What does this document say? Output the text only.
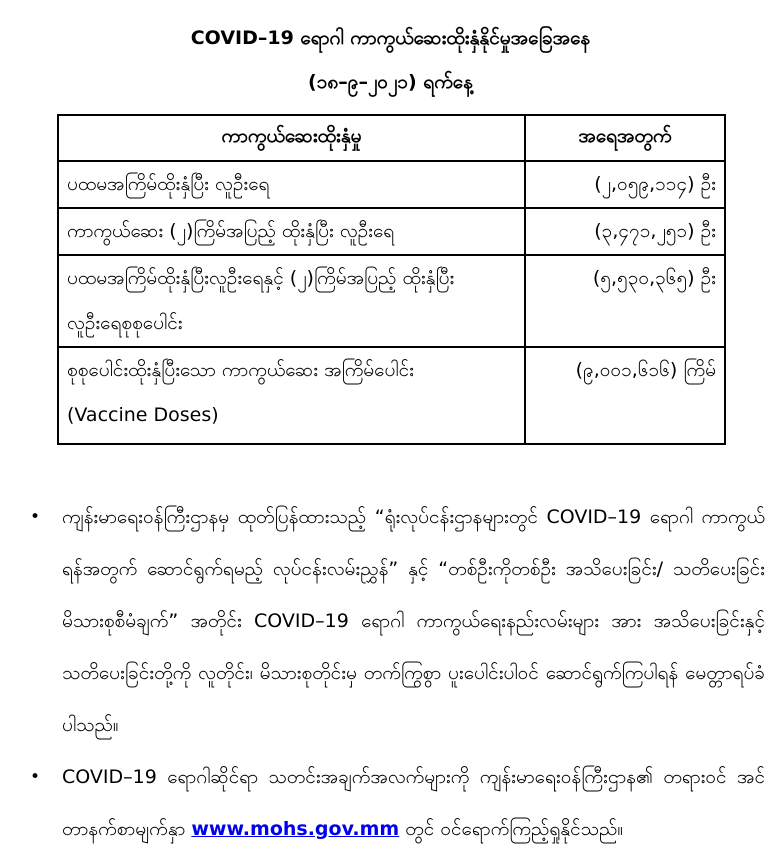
COVID–19 ရောဂါ ကာကွယ်ဆေးထိုးနှံနိုင်မှုအခြေအနေ
(၁၈–၉–၂၀၂၁) ရက်နေ့
ကာကွယ်ဆေးထိုးနှံမှု	အရေအတွက်

ပထမအကြိမ်ထိုးနှံပြီး လူဦးရေ	(၂,၀၅၉,၁၁၄) ဦး

ကာကွယ်ဆေး (၂)ကြိမ်အပြည့် ထိုးနှံပြီး လူဦးရေ	(၃,၄၇၁,၂၅၁) ဦး

ပထမအကြိမ်ထိုးနှံပြီးလူဦးရေနှင့် (၂)ကြိမ်အပြည့် ထိုးနှံပြီး
လူဦးရေစုစုပေါင်း	(၅,၅၃၀,၃၆၅) ဦး

စုစုပေါင်းထိုးနှံပြီးသော ကာကွယ်ဆေး အကြိမ်ပေါင်း
(Vaccine Doses)	(၉,၀၀၁,၆၁၆) ကြိမ်
•	ကျန်းမာရေးဝန်ကြီးဌာနမှ ထုတ်ပြန်ထားသည့် “ရုံးလုပ်ငန်းဌာနများတွင် COVID–19 ရောဂါ ကာကွယ်ရန်အတွက် ဆောင်ရွက်ရမည့် လုပ်ငန်းလမ်းညွှန်” နှင့် “တစ်ဦးကိုတစ်ဦး အသိပေးခြင်း/ သတိပေးခြင်း မိသားစုစီမံချက်” အတိုင်း COVID–19 ရောဂါ ကာကွယ်ရေးနည်းလမ်းများ အား အသိပေးခြင်းနှင့် သတိပေးခြင်းတို့ကို လူတိုင်း၊ မိသားစုတိုင်းမှ တက်ကြွစွာ ပူးပေါင်းပါဝင် ဆောင်ရွက်ကြပါရန် မေတ္တာရပ်ခံပါသည်။
•	COVID–19 ရောဂါဆိုင်ရာ သတင်းအချက်အလက်များကို ကျန်းမာရေးဝန်ကြီးဌာန၏ တရားဝင် အင်တာနက်စာမျက်နှာ www.mohs.gov.mm တွင် ဝင်ရောက်ကြည့်ရှုနိုင်သည်။
